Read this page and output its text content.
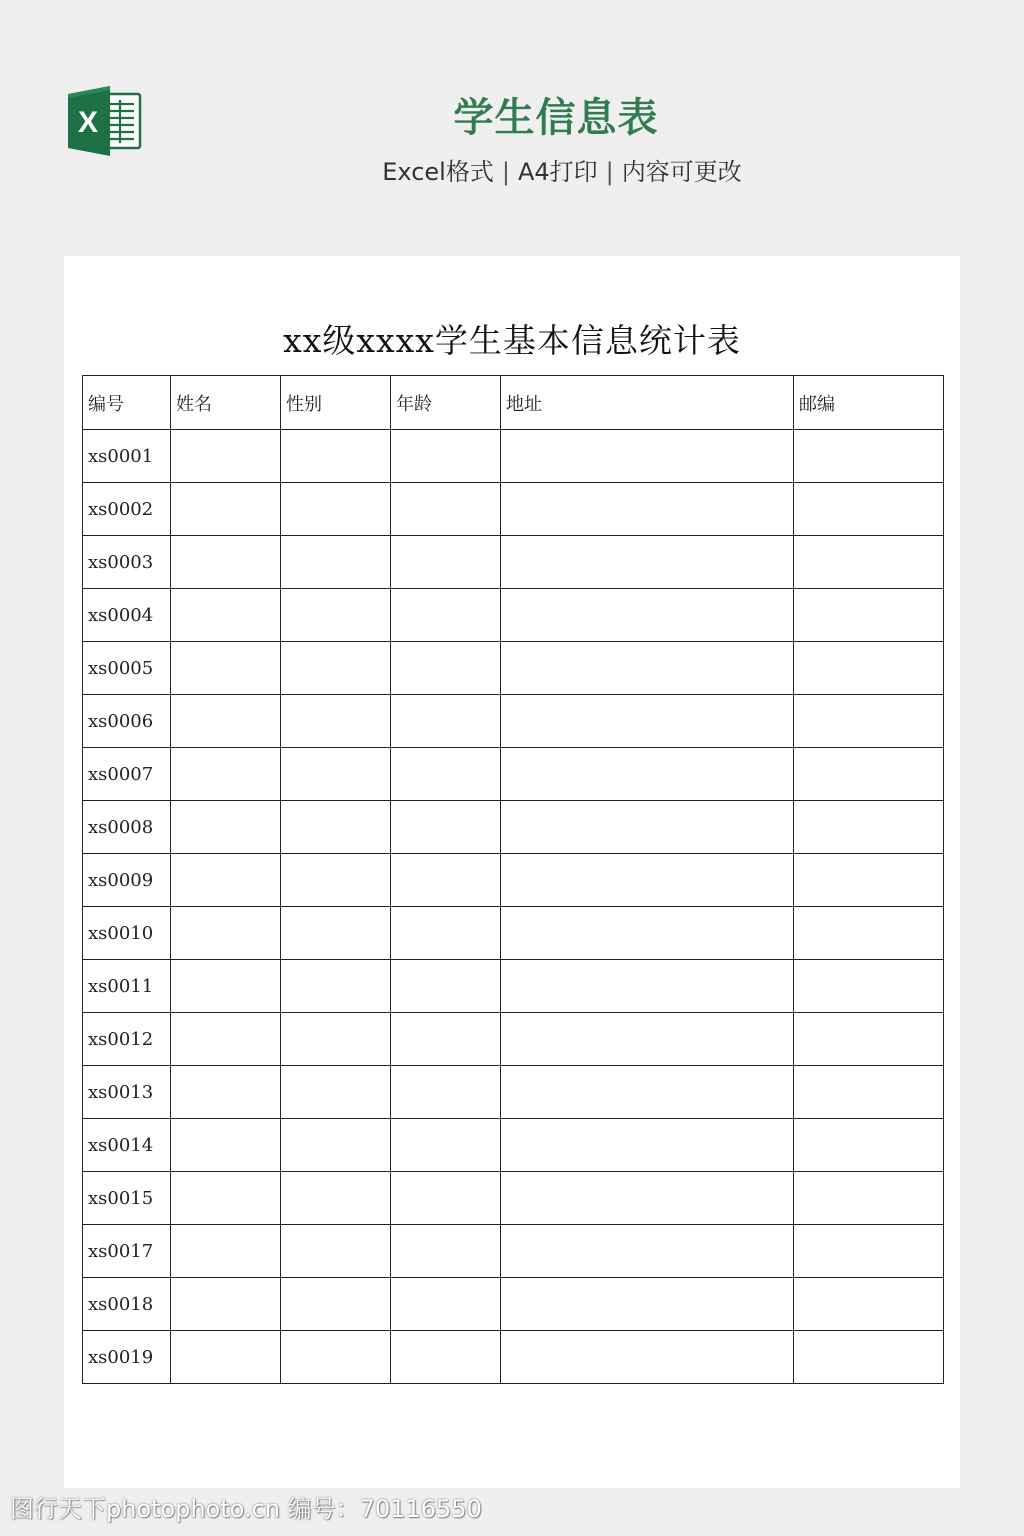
X	学生信息表
Excel格式 | A4打印 | 内容可更改
xx级xxxx学生基本信息统计表
编号	姓名	性别	年龄	地址	邮编
xs0001					
xs0002					
xs0003					
xs0004					
xs0005					
xs0006					
xs0007					
xs0008					
xs0009					
xs0010					
xs0011					
xs0012					
xs0013					
xs0014					
xs0015					
xs0017					
xs0018					
xs0019					
图行天下photophoto.cn 编号：70116550
